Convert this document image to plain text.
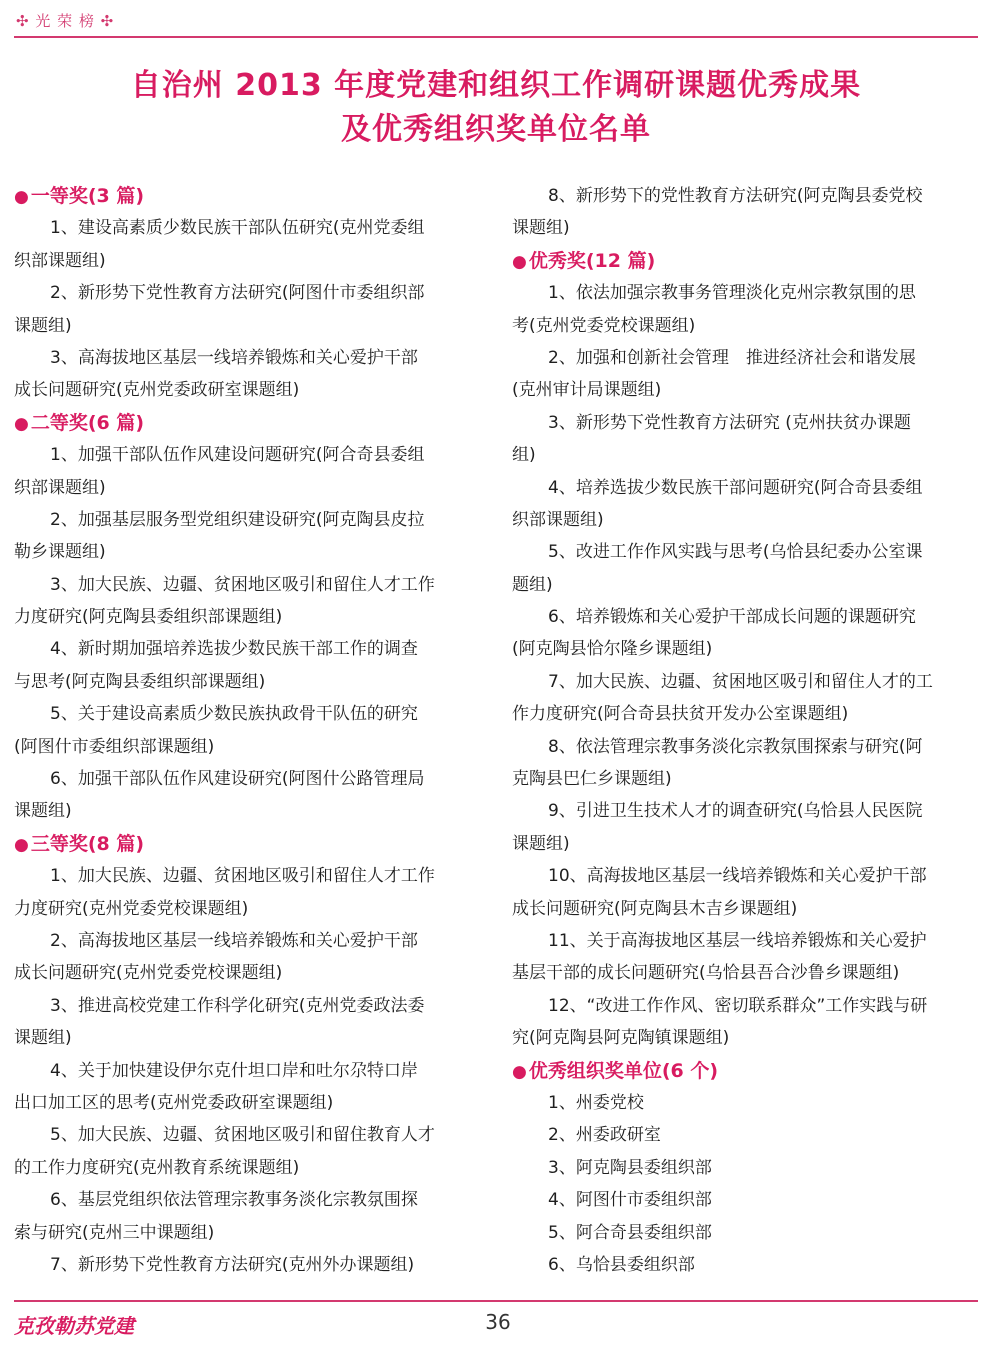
✣ 光 荣 榜 ✣
自治州 2013 年度党建和组织工作调研课题优秀成果
及优秀组织奖单位名单
● 一等奖(3 篇)
1、建设高素质少数民族干部队伍研究(克州党委组
织部课题组)
2、新形势下党性教育方法研究(阿图什市委组织部
课题组)
3、高海拔地区基层一线培养锻炼和关心爱护干部
成长问题研究(克州党委政研室课题组)
● 二等奖(6 篇)
1、加强干部队伍作风建设问题研究(阿合奇县委组
织部课题组)
2、加强基层服务型党组织建设研究(阿克陶县皮拉
勒乡课题组)
3、加大民族、边疆、贫困地区吸引和留住人才工作
力度研究(阿克陶县委组织部课题组)
4、新时期加强培养选拔少数民族干部工作的调查
与思考(阿克陶县委组织部课题组)
5、关于建设高素质少数民族执政骨干队伍的研究
(阿图什市委组织部课题组)
6、加强干部队伍作风建设研究(阿图什公路管理局
课题组)
● 三等奖(8 篇)
1、加大民族、边疆、贫困地区吸引和留住人才工作
力度研究(克州党委党校课题组)
2、高海拔地区基层一线培养锻炼和关心爱护干部
成长问题研究(克州党委党校课题组)
3、推进高校党建工作科学化研究(克州党委政法委
课题组)
4、关于加快建设伊尔克什坦口岸和吐尔尕特口岸
出口加工区的思考(克州党委政研室课题组)
5、加大民族、边疆、贫困地区吸引和留住教育人才
的工作力度研究(克州教育系统课题组)
6、基层党组织依法管理宗教事务淡化宗教氛围探
索与研究(克州三中课题组)
7、新形势下党性教育方法研究(克州外办课题组)
8、新形势下的党性教育方法研究(阿克陶县委党校
课题组)
● 优秀奖(12 篇)
1、依法加强宗教事务管理淡化克州宗教氛围的思
考(克州党委党校课题组)
2、加强和创新社会管理　推进经济社会和谐发展
(克州审计局课题组)
3、新形势下党性教育方法研究 (克州扶贫办课题
组)
4、培养选拔少数民族干部问题研究(阿合奇县委组
织部课题组)
5、改进工作作风实践与思考(乌恰县纪委办公室课
题组)
6、培养锻炼和关心爱护干部成长问题的课题研究
(阿克陶县恰尔隆乡课题组)
7、加大民族、边疆、贫困地区吸引和留住人才的工
作力度研究(阿合奇县扶贫开发办公室课题组)
8、依法管理宗教事务淡化宗教氛围探索与研究(阿
克陶县巴仁乡课题组)
9、引进卫生技术人才的调查研究(乌恰县人民医院
课题组)
10、高海拔地区基层一线培养锻炼和关心爱护干部
成长问题研究(阿克陶县木吉乡课题组)
11、关于高海拔地区基层一线培养锻炼和关心爱护
基层干部的成长问题研究(乌恰县吾合沙鲁乡课题组)
12、“改进工作作风、密切联系群众”工作实践与研
究(阿克陶县阿克陶镇课题组)
● 优秀组织奖单位(6 个)
1、州委党校
2、州委政研室
3、阿克陶县委组织部
4、阿图什市委组织部
5、阿合奇县委组织部
6、乌恰县委组织部
克孜勒苏党建	36
